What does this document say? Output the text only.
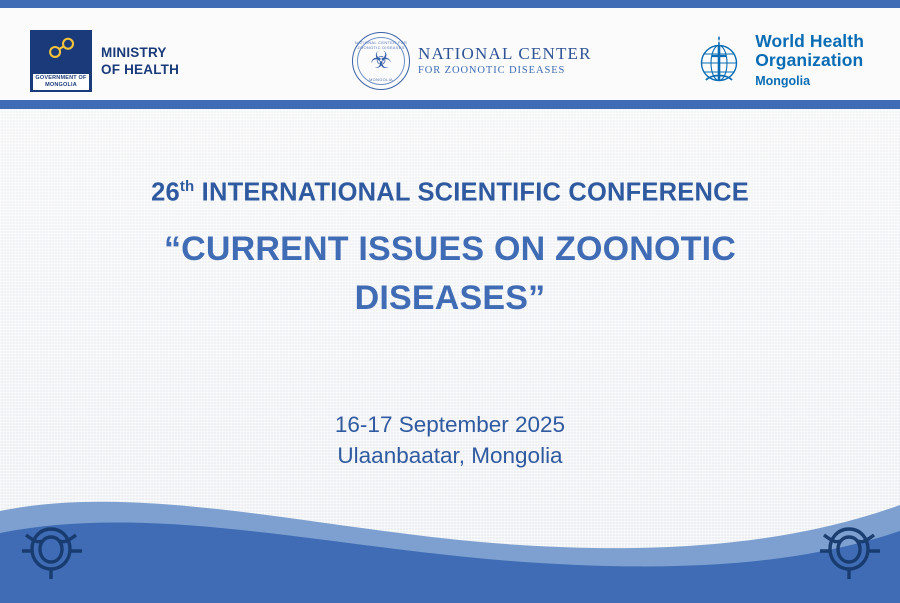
☍
GOVERNMENT OF MONGOLIA
MINISTRY
OF HEALTH
NATIONAL CENTER FOR ZOONOTIC DISEASES
☣
MONGOLIA
NATIONAL CENTER
FOR ZOONOTIC DISEASES
World Health
Organization
Mongolia
26th INTERNATIONAL SCIENTIFIC CONFERENCE
“CURRENT ISSUES ON ZOONOTIC
DISEASES”
16-17 September 2025
Ulaanbaatar, Mongolia
